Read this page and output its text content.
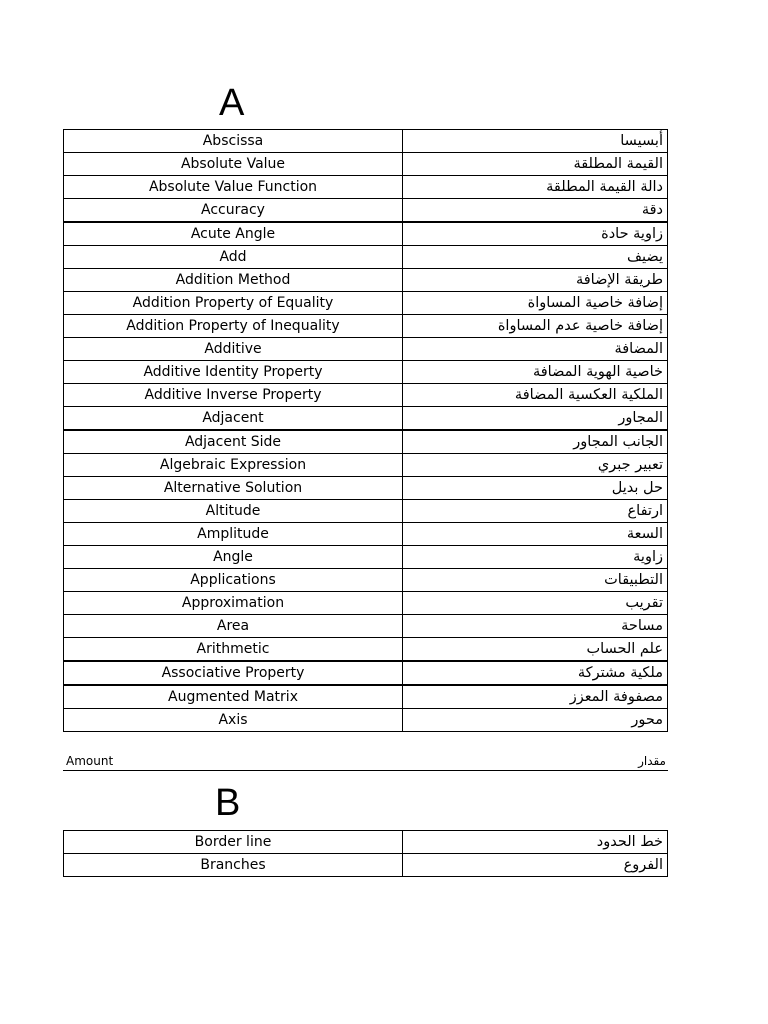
A
Abscissa	أبسيسا
Absolute Value	القيمة المطلقة
Absolute Value Function	دالة القيمة المطلقة
Accuracy	دقة
Acute Angle	زاوية حادة
Add	يضيف
Addition Method	طريقة الإضافة
Addition Property of Equality	إضافة خاصية المساواة
Addition Property of Inequality	إضافة خاصية عدم المساواة
Additive	المضافة
Additive Identity Property	خاصية الهوية المضافة
Additive Inverse Property	الملكية العكسية المضافة
Adjacent	المجاور
Adjacent Side	الجانب المجاور
Algebraic Expression	تعبير جبري
Alternative Solution	حل بديل
Altitude	ارتفاع
Amplitude	السعة
Angle	زاوية
Applications	التطبيقات
Approximation	تقريب
Area	مساحة
Arithmetic	علم الحساب
Associative Property	ملكية مشتركة
Augmented Matrix	مصفوفة المعزز
Axis	محور
Amount	مقدار
B
Border line	خط الحدود
Branches	الفروع
